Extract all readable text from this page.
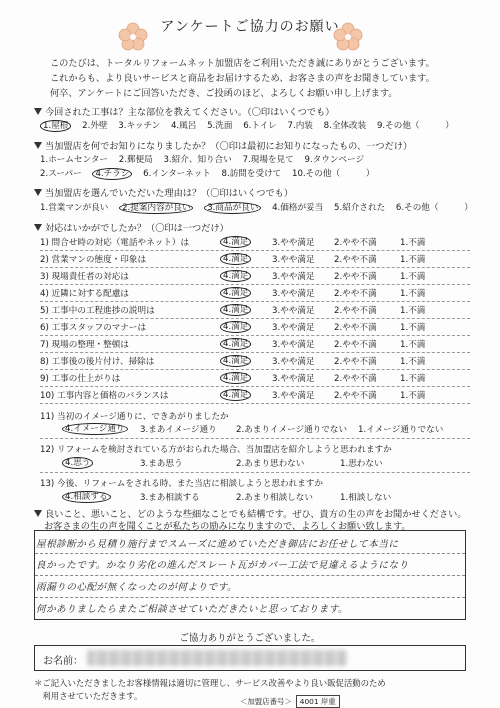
アンケートご協力のお願い
このたびは、トータルリフォームネット加盟店をご利用いただき誠にありがとうございます。
これからも、より良いサービスと商品をお届けするため、お客さまの声をお聞きしています。
何卒、アンケートにご回答いただき、ご投函のほど、よろしくお願い申し上げます。
今回された工事は？主な部位を教えてください。（〇印はいくつでも）
1.屋根 2.外壁 3.キッチン 4.風呂 5.洗面 6.トイレ 7.内装 8.全体改装 9.その他（　　　）
当加盟店を何でお知りになりましたか？（〇印は最初にお知りになったもの、一つだけ）
1.ホームセンター 2.郵便局 3.紹介、知り合い 7.現場を見て 9.タウンページ
2.スーパー 4.チラシ 6.インターネット 8.訪問を受けて 10.その他（　　　）
当加盟店を選んでいただいた理由は？（〇印はいくつでも）
1.営業マンが良い 2.提案内容が良い 3.商品が良い 4.価格が妥当 5.紹介された 6.その他（　　　）
対応はいかがでしたか？（〇印は一つだけ）
1) 問合せ時の対応（電話やネット）は	4.満足	3.やや満足 2.やや不満	1.不満
2) 営業マンの態度・印象は	4.満足	3.やや満足 2.やや不満	1.不満
3) 現場責任者の対応は	4.満足	3.やや満足 2.やや不満	1.不満
4) 近隣に対する配慮は	4.満足	3.やや満足 2.やや不満	1.不満
5) 工事中の工程進捗の説明は	4.満足	3.やや満足 2.やや不満	1.不満
6) 工事スタッフのマナーは	4.満足	3.やや満足 2.やや不満	1.不満
7) 現場の整理・整頓は	4.満足	3.やや満足 2.やや不満	1.不満
8) 工事後の後片付け、掃除は	4.満足	3.やや満足 2.やや不満	1.不満
9) 工事の仕上がりは	4.満足	3.やや満足 2.やや不満	1.不満
10) 工事内容と価格のバランスは	4.満足	3.やや満足 2.やや不満	1.不満
11) 当初のイメージ通りに、できあがりましたか
4.イメージ通り	3.まあイメージ通り 2.あまりイメージ通りでない 1.イメージ通りでない
12) リフォームを検討されている方がおられた場合、当加盟店を紹介しようと思われますか
4.思う	3.まあ思う	2.あまり思わない	1.思わない
13) 今後、リフォームをされる時、また当店に相談しようと思われますか
4.相談する	3.まあ相談する	2.あまり相談しない	1.相談しない
良いこと、悪いこと、どのような些細なことでも結構です。ぜひ、貴方の生の声をお聞かせください。
お客さまの生の声を聞くことが私たちの励みになりますので、よろしくお願い致します。
屋根診断から見積り施行までスムーズに進めていただき御店にお任せして本当に
良かったです。かなり劣化の進んだスレート瓦がカバー工法で見違えるようになり
雨漏りの心配が無くなったのが何よりです。
何かありましたらまたご相談させていただきたいと思っております。
ご協力ありがとうございました。
お名前：
＊ご記入いただきましたお客様情報は適切に管理し、サービス改善やより良い販促活動のため
　利用させていただきます。
＜加盟店番号＞ 4001 岸重
